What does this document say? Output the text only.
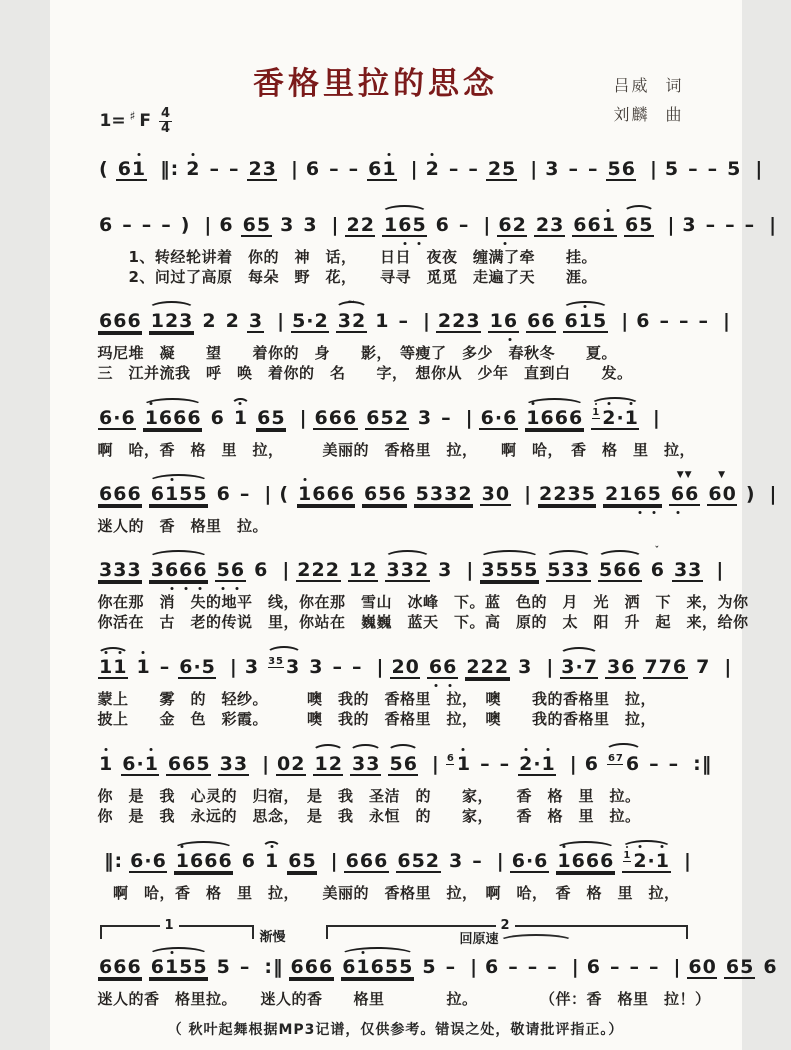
香格里拉的思念	吕威 词
刘麟 曲
1= ♯ F $\frac{4}{4}$
( 61 ‖: 2 – – 23 | 6 – – 61 | 2 – – 25 | 3 – – 56 | 5 – – 5 |
6 – – – ) | 6 65 3 3 | 22 16
5 6 – | 6
2 23 661 65 | 3 – – – |
　　1、转经轮讲着　你的　神　话，　　日日　夜夜　缠满了牵　　挂。
　　2、问过了高原　每朵　野　花，　　寻寻　觅觅　走遍了天　　涯。
666 123 2 2 3 | 5·2 32
~
1 – | 223 16 66 61
5 | 6 – – – |
玛尼堆　凝　　望　　着你的　身　　影，　等瘦了　多少　春秋冬　　夏。
三　江并流我　呼　唤　着你的　名　　字，　想你从　少年　直到白　　发。
6·6 1
666 6 1 65 | 666 652 3 – | 6·6 1
666 $^1$ 2
·1 |
啊　哈，香　格　里　拉，　　　美丽的　香格里　拉，　　啊　哈，　香　格　里　拉，
666 61
55 6 – | ( 1
666 656 5332 30 | 2235 216
5 6
6
▼▼
60
▼
) |
迷人的　香　格里　拉。
333 36
6
6 5
6 6 | 222 12 332 3 | 3555 533 566 6
ˇ
33 |
你在那　消　失的地平　线，你在那　雪山　冰峰　下。蓝　色的　月　光　洒　下　来，为你
你活在　古　老的传说　里，你站在　巍巍　蓝天　下。高　原的　太　阳　升　起　来，给你
1
1 1 – 6·5 | 3 $^{35}$ 3 3 – – | 20 6
6 222 3 | 3·7 36 776 7 |
蒙上　　雾　的　轻纱。　　　噢　我的　香格里　拉，　噢　　我的香格里　拉，
披上　　金　色　彩霞。　　　噢　我的　香格里　拉，　噢　　我的香格里　拉，
1 6·1 665 33 | 02 12 33 56 | $^6$ 1 – – 2
·1 | 6 $^{67}$ 6 – – :‖
你　是　我　心灵的　归宿，　是　我　圣洁　的　　家，　　香　格　里　拉。
你　是　我　永远的　思念，　是　我　永恒　的　　家，　　香　格　里　拉。
‖: 6·6 1
666 6 1 65 | 666 652 3 – | 6·6 1
666 $^1$ 2
·1 |
　啊　哈，香　格　里　拉，　　美丽的　香格里　拉，　啊　哈，　香　格　里　拉，
1
渐慢
2
回原速
666 61
55 5 – :‖ 666 61
655 5 – | 6 – – – | 6 – – – | 60 65 6
迷人的香　格里拉。　　迷人的香　　格里　　　　拉。　　　　　（伴：香　格里　拉！）
（ 秋叶起舞根据MP3记谱，仅供参考。错误之处，敬请批评指正。）
